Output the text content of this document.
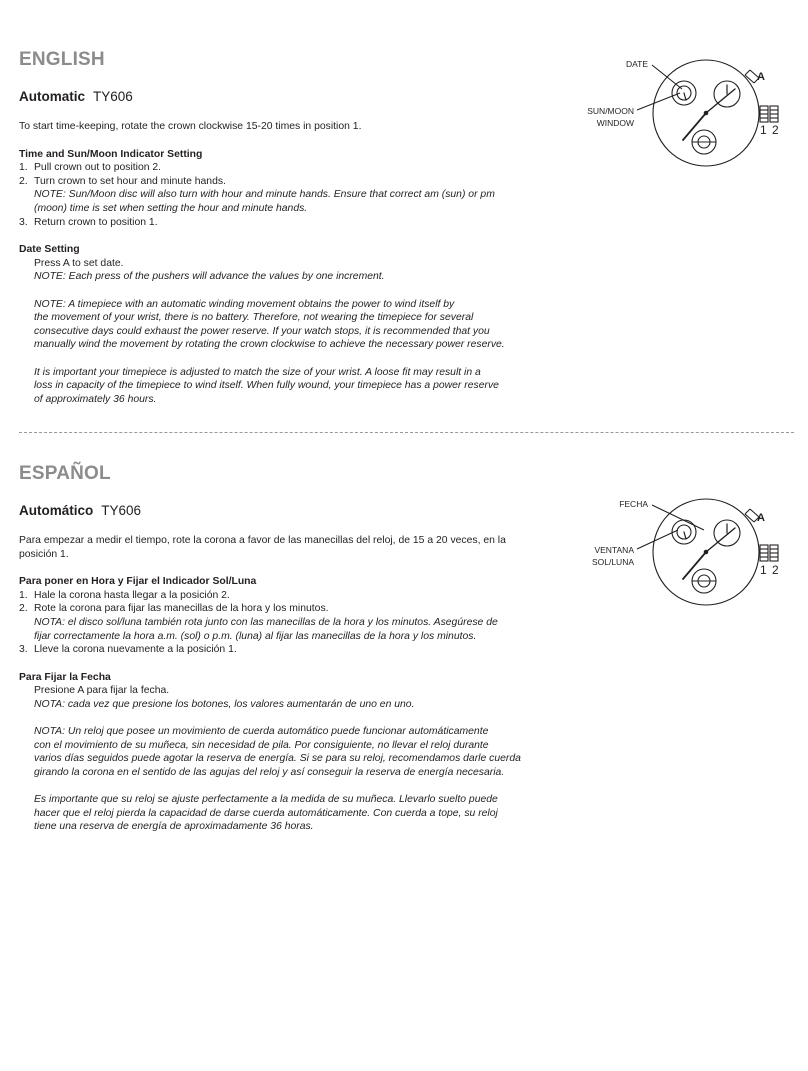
ENGLISH
Automatic TY606

To start time-keeping, rotate the crown clockwise 15-20 times in position 1.

Time and Sun/Moon Indicator Setting

1. Pull crown out to position 2.
2. Turn crown to set hour and minute hands.
NOTE: Sun/Moon disc will also turn with hour and minute hands. Ensure that correct am (sun) or pm
(moon) time is set when setting the hour and minute hands.
3. Return crown to position 1.

Date Setting

Press A to set date.

NOTE: Each press of the pushers will advance the values by one increment.

NOTE: A timepiece with an automatic winding movement obtains the power to wind itself by

the movement of your wrist, there is no battery. Therefore, not wearing the timepiece for several

consecutive days could exhaust the power reserve. If your watch stops, it is recommended that you

manually wind the movement by rotating the crown clockwise to achieve the necessary power reserve.

It is important your timepiece is adjusted to match the size of your wrist. A loose fit may result in a

loss in capacity of the timepiece to wind itself. When fully wound, your timepiece has a power reserve

of approximately 36 hours.

DATE
SUN/MOON
WINDOW
A
1 2
ESPAÑOL
Automático TY606

Para empezar a medir el tiempo, rote la corona a favor de las manecillas del reloj, de 15 a 20 veces, en la

posición 1.

Para poner en Hora y Fijar el Indicador Sol/Luna

1. Hale la corona hasta llegar a la posición 2.
2. Rote la corona para fijar las manecillas de la hora y los minutos.
NOTA: el disco sol/luna también rota junto con las manecillas de la hora y los minutos. Asegúrese de
fijar correctamente la hora a.m. (sol) o p.m. (luna) al fijar las manecillas de la hora y los minutos.
3. Lleve la corona nuevamente a la posición 1.

Para Fijar la Fecha

Presione A para fijar la fecha.

NOTA: cada vez que presione los botones, los valores aumentarán de uno en uno.

NOTA: Un reloj que posee un movimiento de cuerda automático puede funcionar automáticamente

con el movimiento de su muñeca, sin necesidad de pila. Por consiguiente, no llevar el reloj durante

varios días seguidos puede agotar la reserva de energía. Si se para su reloj, recomendamos darle cuerda

girando la corona en el sentido de las agujas del reloj y así conseguir la reserva de energía necesaria.

Es importante que su reloj se ajuste perfectamente a la medida de su muñeca. Llevarlo suelto puede

hacer que el reloj pierda la capacidad de darse cuerda automáticamente. Con cuerda a tope, su reloj

tiene una reserva de energía de aproximadamente 36 horas.

FECHA
VENTANA
SOL/LUNA
A
1 2
